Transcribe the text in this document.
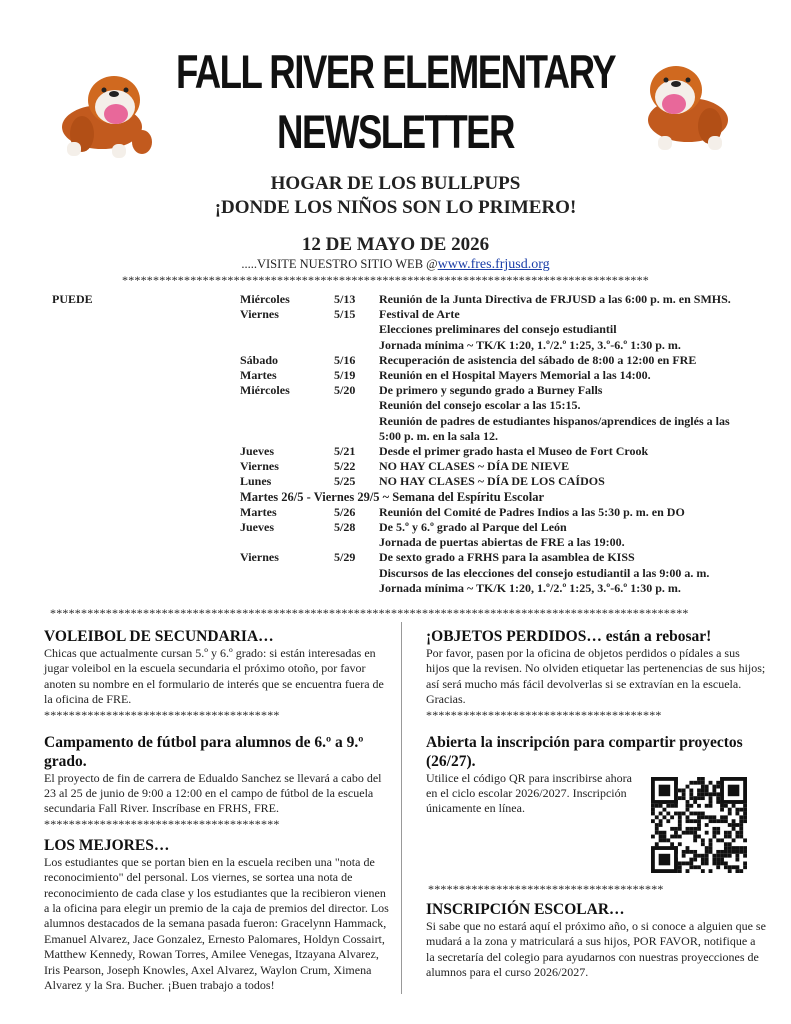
FALL RIVER ELEMENTARY
NEWSLETTER
HOGAR DE LOS BULLPUPS
¡DONDE LOS NIÑOS SON LO PRIMERO!
12 DE MAYO DE 2026
.....VISITE NUESTRO SITIO WEB @www.fres.frjusd.org
*************************************************************************************
PUEDE	Miércoles	5/13	Reunión de la Junta Directiva de FRJUSD a las 6:00 p. m. en SMHS.
Viernes	5/15	Festival de Arte
Elecciones preliminares del consejo estudiantil
Jornada mínima ~ TK/K 1:20, 1.º/2.º 1:25, 3.º-6.º 1:30 p. m.
Sábado	5/16	Recuperación de asistencia del sábado de 8:00 a 12:00 en FRE
Martes	5/19	Reunión en el Hospital Mayers Memorial a las 14:00.
Miércoles	5/20	De primero y segundo grado a Burney Falls
Reunión del consejo escolar a las 15:15.
Reunión de padres de estudiantes hispanos/aprendices de inglés a las 5:00 p. m. en la sala 12.
Jueves	5/21	Desde el primer grado hasta el Museo de Fort Crook
Viernes	5/22	NO HAY CLASES ~ DÍA DE NIEVE
Lunes	5/25	NO HAY CLASES ~ DÍA DE LOS CAÍDOS
Martes 26/5 - Viernes 29/5 ~ Semana del Espíritu Escolar
Martes	5/26	Reunión del Comité de Padres Indios a las 5:30 p. m. en DO
Jueves	5/28	De 5.º y 6.º grado al Parque del León
Jornada de puertas abiertas de FRE a las 19:00.
Viernes	5/29	De sexto grado a FRHS para la asamblea de KISS
Discursos de las elecciones del consejo estudiantil a las 9:00 a. m.
Jornada mínima ~ TK/K 1:20, 1.º/2.º 1:25, 3.º-6.º 1:30 p. m.
*******************************************************************************************************
VOLEIBOL DE SECUNDARIA…
Chicas que actualmente cursan 5.º y 6.º grado: si están interesadas en jugar voleibol en la escuela secundaria el próximo otoño, por favor anoten su nombre en el formulario de interés que se encuentra fuera de la oficina de FRE.
**************************************
Campamento de fútbol para alumnos de 6.º a 9.º grado.
El proyecto de fin de carrera de Edualdo Sanchez se llevará a cabo del 23 al 25 de junio de 9:00 a 12:00 en el campo de fútbol de la escuela secundaria Fall River. Inscríbase en FRHS, FRE.
**************************************
LOS MEJORES…
Los estudiantes que se portan bien en la escuela reciben una "nota de reconocimiento" del personal. Los viernes, se sortea una nota de reconocimiento de cada clase y los estudiantes que la recibieron vienen a la oficina para elegir un premio de la caja de premios del director. Los alumnos destacados de la semana pasada fueron: Gracelynn Hammack, Emanuel Alvarez, Jace Gonzalez, Ernesto Palomares, Holdyn Cossairt, Matthew Kennedy, Rowan Torres, Amilee Venegas, Itzayana Alvarez, Iris Pearson, Joseph Knowles, Axel Alvarez, Waylon Crum, Ximena Alvarez y la Sra. Bucher. ¡Buen trabajo a todos!
¡OBJETOS PERDIDOS… están a rebosar!
Por favor, pasen por la oficina de objetos perdidos o pídales a sus hijos que la revisen. No olviden etiquetar las pertenencias de sus hijos; así será mucho más fácil devolverlas si se extravían en la escuela. Gracias.
**************************************
Abierta la inscripción para compartir proyectos (26/27).
Utilice el código QR para inscribirse ahora en el ciclo escolar 2026/2027. Inscripción únicamente en línea.
**************************************
INSCRIPCIÓN ESCOLAR…
Si sabe que no estará aquí el próximo año, o si conoce a alguien que se mudará a la zona y matriculará a sus hijos, POR FAVOR, notifique a la secretaría del colegio para ayudarnos con nuestras proyecciones de alumnos para el curso 2026/2027.
